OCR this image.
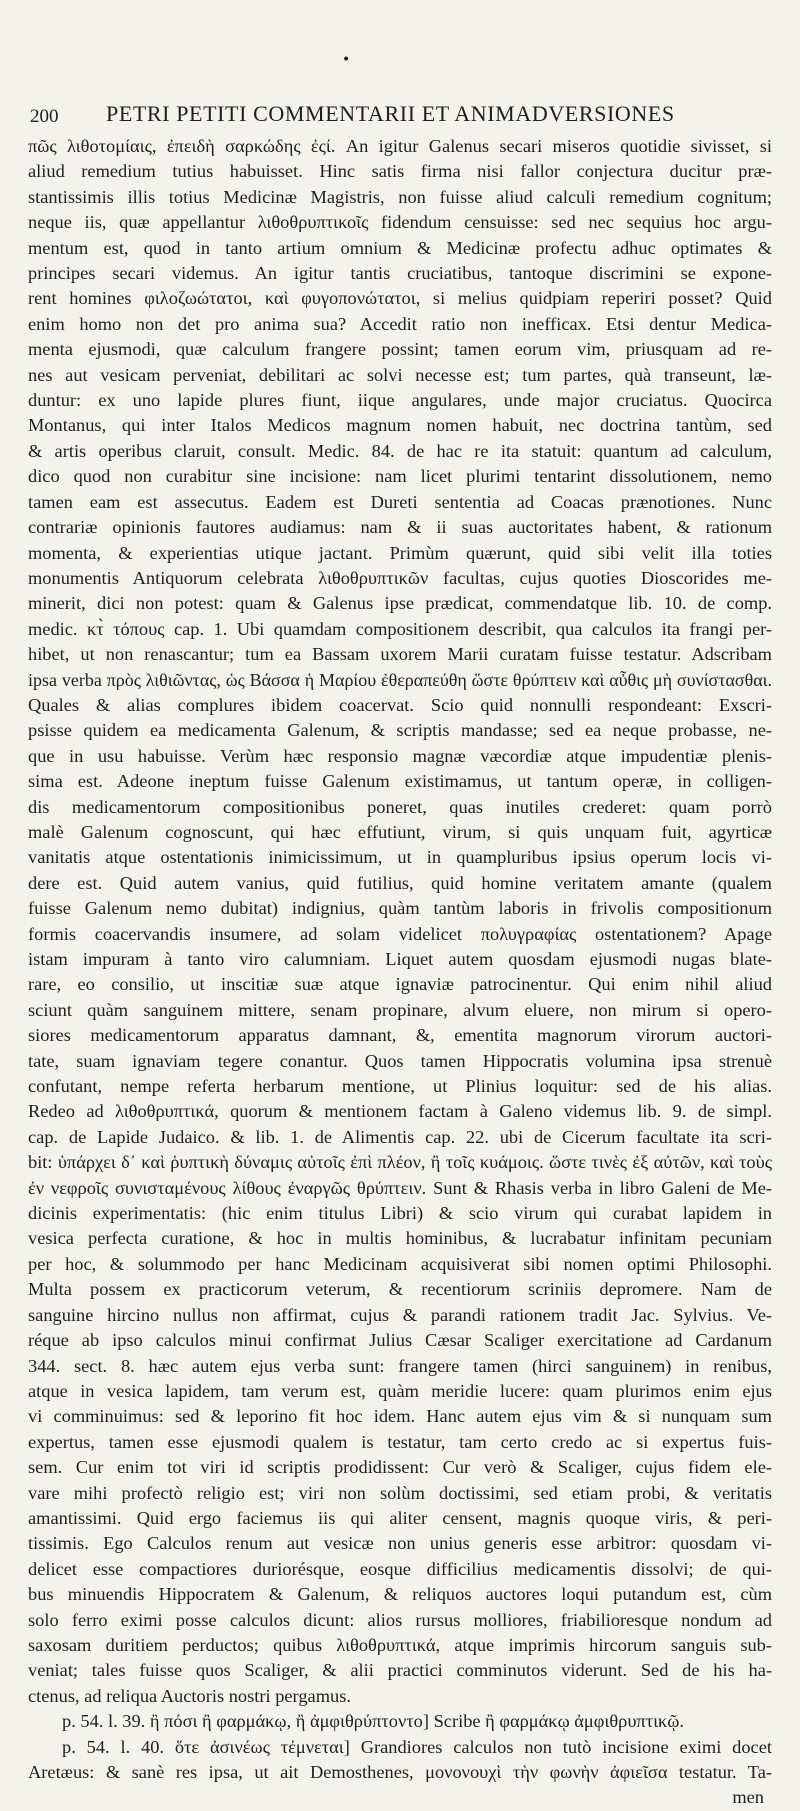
•
200 PETRI PETITI COMMENTARII ET ANIMADVERSIONES
πῶς λιθοτομίαις, ἐπειδὴ σαρκώδης ἐςί. An igitur Galenus secari miseros quotidie sivisset, si
aliud remedium tutius habuisset. Hinc satis firma nisi fallor conjectura ducitur præ-
stantissimis illis totius Medicinæ Magistris, non fuisse aliud calculi remedium cognitum;
neque iis, quæ appellantur λιθοθρυπτικοῖς fidendum censuisse: sed nec sequius hoc argu-
mentum est, quod in tanto artium omnium & Medicinæ profectu adhuc optimates &
principes secari videmus. An igitur tantis cruciatibus, tantoque discrimini se expone-
rent homines φιλοζωώτατοι, καὶ φυγοπονώτατοι, si melius quidpiam reperiri posset? Quid
enim homo non det pro anima sua? Accedit ratio non inefficax. Etsi dentur Medica-
menta ejusmodi, quæ calculum frangere possint; tamen eorum vim, priusquam ad re-
nes aut vesicam perveniat, debilitari ac solvi necesse est; tum partes, quà transeunt, læ-
duntur: ex uno lapide plures fiunt, iique angulares, unde major cruciatus. Quocirca
Montanus, qui inter Italos Medicos magnum nomen habuit, nec doctrina tantùm, sed
& artis operibus claruit, consult. Medic. 84. de hac re ita statuit: quantum ad calculum,
dico quod non curabitur sine incisione: nam licet plurimi tentarint dissolutionem, nemo
tamen eam est assecutus. Eadem est Dureti sententia ad Coacas prænotiones. Nunc
contrariæ opinionis fautores audiamus: nam & ii suas auctoritates habent, & rationum
momenta, & experientias utique jactant. Primùm quærunt, quid sibi velit illa toties
monumentis Antiquorum celebrata λιθοθρυπτικῶν facultas, cujus quoties Dioscorides me-
minerit, dici non potest: quam & Galenus ipse prædicat, commendatque lib. 10. de comp.
medic. κτ̀ τόπους cap. 1. Ubi quamdam compositionem describit, qua calculos ita frangi per-
hibet, ut non renascantur; tum ea Bassam uxorem Marii curatam fuisse testatur. Adscribam
ipsa verba πρὸς λιθιῶντας, ὡς Βάσσα ἡ Μαρίου ἐθεραπεύθη ὥστε θρύπτειν καὶ αὖθις μὴ συνίστασθαι.
Quales & alias complures ibidem coacervat. Scio quid nonnulli respondeant: Exscri-
psisse quidem ea medicamenta Galenum, & scriptis mandasse; sed ea neque probasse, ne-
que in usu habuisse. Verùm hæc responsio magnæ væcordiæ atque impudentiæ plenis-
sima est. Adeone ineptum fuisse Galenum existimamus, ut tantum operæ, in colligen-
dis medicamentorum compositionibus poneret, quas inutiles crederet: quam porrò
malè Galenum cognoscunt, qui hæc effutiunt, virum, si quis unquam fuit, agyrticæ
vanitatis atque ostentationis inimicissimum, ut in quampluribus ipsius operum locis vi-
dere est. Quid autem vanius, quid futilius, quid homine veritatem amante (qualem
fuisse Galenum nemo dubitat) indignius, quàm tantùm laboris in frivolis compositionum
formis coacervandis insumere, ad solam videlicet πολυγραφίας ostentationem? Apage
istam impuram à tanto viro calumniam. Liquet autem quosdam ejusmodi nugas blate-
rare, eo consilio, ut inscitiæ suæ atque ignaviæ patrocinentur. Qui enim nihil aliud
sciunt quàm sanguinem mittere, senam propinare, alvum eluere, non mirum si opero-
siores medicamentorum apparatus damnant, &, ementita magnorum virorum auctori-
tate, suam ignaviam tegere conantur. Quos tamen Hippocratis volumina ipsa strenuè
confutant, nempe referta herbarum mentione, ut Plinius loquitur: sed de his alias.
Redeo ad λιθοθρυπτικά, quorum & mentionem factam à Galeno videmus lib. 9. de simpl.
cap. de Lapide Judaico. & lib. 1. de Alimentis cap. 22. ubi de Cicerum facultate ita scri-
bit: ὑπάρχει δ᾽ καὶ ῥυπτικὴ δύναμις αὐτοῖς ἐπὶ πλέον, ἢ τοῖς κυάμοις. ὥστε τινὲς ἐξ αὐτῶν, καὶ τοὺς
ἐν νεφροῖς συνισταμένους λίθους ἐναργῶς θρύπτειν. Sunt & Rhasis verba in libro Galeni de Me-
dicinis experimentatis: (hic enim titulus Libri) & scio virum qui curabat lapidem in
vesica perfecta curatione, & hoc in multis hominibus, & lucrabatur infinitam pecuniam
per hoc, & solummodo per hanc Medicinam acquisiverat sibi nomen optimi Philosophi.
Multa possem ex practicorum veterum, & recentiorum scriniis depromere. Nam de
sanguine hircino nullus non affirmat, cujus & parandi rationem tradit Jac. Sylvius. Ve-
réque ab ipso calculos minui confirmat Julius Cæsar Scaliger exercitatione ad Cardanum
344. sect. 8. hæc autem ejus verba sunt: frangere tamen (hirci sanguinem) in renibus,
atque in vesica lapidem, tam verum est, quàm meridie lucere: quam plurimos enim ejus
vi comminuimus: sed & leporino fit hoc idem. Hanc autem ejus vim & si nunquam sum
expertus, tamen esse ejusmodi qualem is testatur, tam certo credo ac si expertus fuis-
sem. Cur enim tot viri id scriptis prodidissent: Cur verò & Scaliger, cujus fidem ele-
vare mihi profectò religio est; viri non solùm doctissimi, sed etiam probi, & veritatis
amantissimi. Quid ergo faciemus iis qui aliter censent, magnis quoque viris, & peri-
tissimis. Ego Calculos renum aut vesicæ non unius generis esse arbitror: quosdam vi-
delicet esse compactiores duriorésque, eosque difficilius medicamentis dissolvi; de qui-
bus minuendis Hippocratem & Galenum, & reliquos auctores loqui putandum est, cùm
solo ferro eximi posse calculos dicunt: alios rursus molliores, friabilioresque nondum ad
saxosam duritiem perductos; quibus λιθοθρυπτικά, atque imprimis hircorum sanguis sub-
veniat; tales fuisse quos Scaliger, & alii practici comminutos viderunt. Sed de his ha-
ctenus, ad reliqua Auctoris nostri pergamus.
p. 54. l. 39. ἢ πόσι ἢ φαρμάκῳ, ἢ ἀμφιθρύπτοντο] Scribe ἢ φαρμάκῳ ἀμφιθρυπτικῷ.
p. 54. l. 40. ὅτε ἀσινέως τέμνεται] Grandiores calculos non tutò incisione eximi docet
Aretæus: & sanè res ipsa, ut ait Demosthenes, μονονουχὶ τὴν φωνὴν ἀφιεῖσα testatur. Ta-
men
